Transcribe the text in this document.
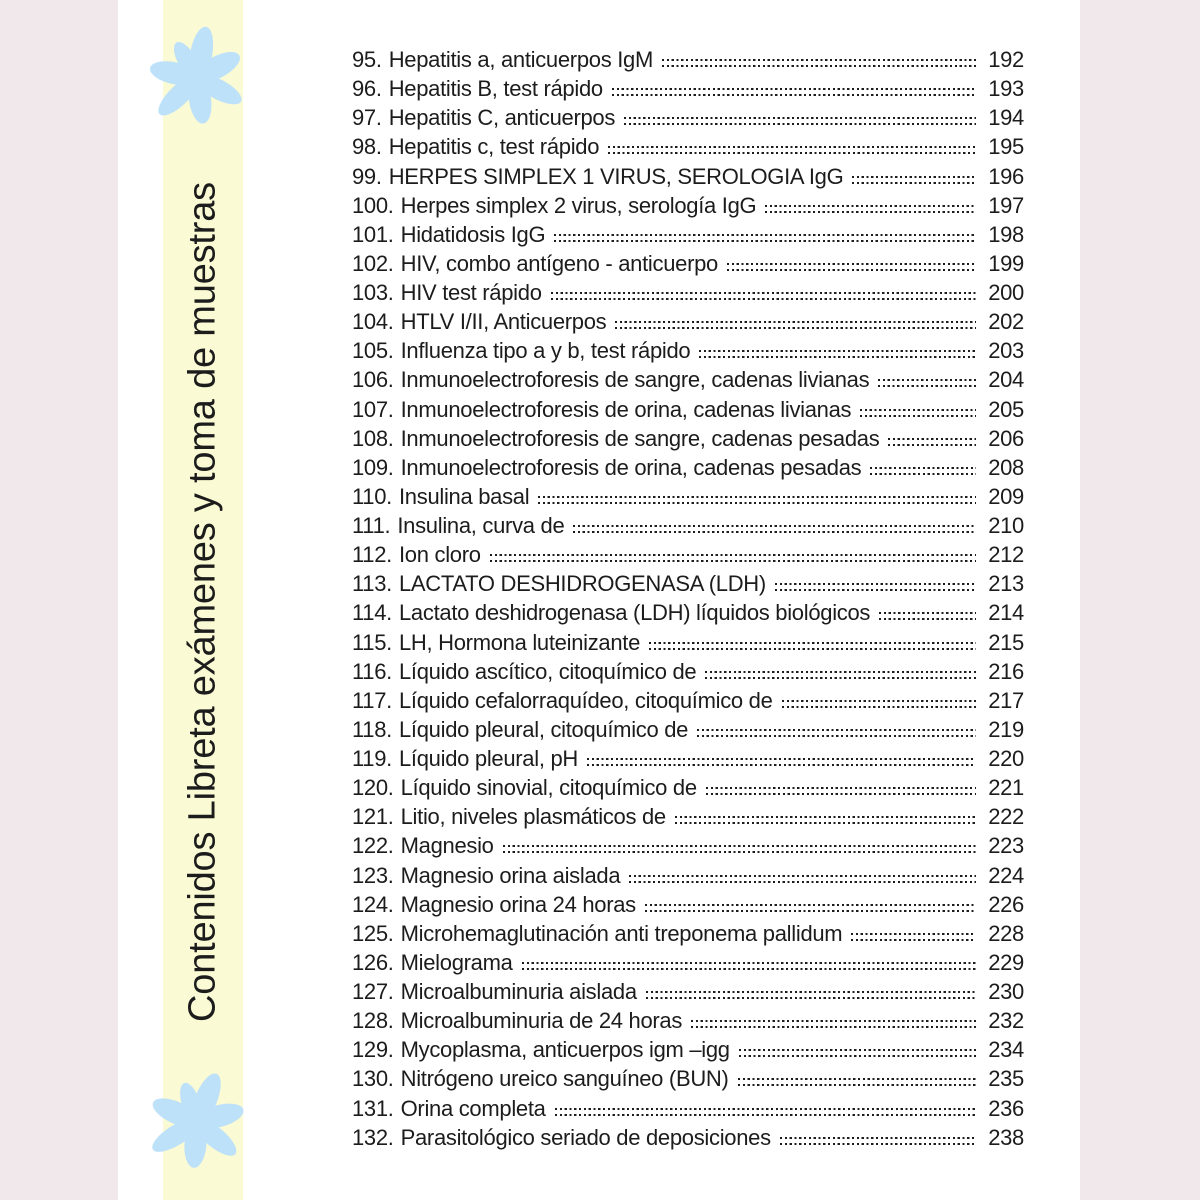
Contenidos Libreta exámenes y toma de muestras
95. Hepatitis a, anticuerpos IgM	192
96. Hepatitis B, test rápido	193
97. Hepatitis C, anticuerpos	194
98. Hepatitis c, test rápido	195
99. HERPES SIMPLEX 1 VIRUS, SEROLOGIA IgG	196
100. Herpes simplex 2 virus, serología IgG	197
101. Hidatidosis IgG	198
102. HIV, combo antígeno - anticuerpo	199
103. HIV test rápido	200
104. HTLV I/II, Anticuerpos	202
105. Influenza tipo a y b, test rápido	203
106. Inmunoelectroforesis de sangre, cadenas livianas	204
107. Inmunoelectroforesis de orina, cadenas livianas	205
108. Inmunoelectroforesis de sangre, cadenas pesadas	206
109. Inmunoelectroforesis de orina, cadenas pesadas	208
110. Insulina basal	209
111. Insulina, curva de	210
112. Ion cloro	212
113. LACTATO DESHIDROGENASA (LDH)	213
114. Lactato deshidrogenasa (LDH) líquidos biológicos	214
115. LH, Hormona luteinizante	215
116. Líquido ascítico, citoquímico de	216
117. Líquido cefalorraquídeo, citoquímico de	217
118. Líquido pleural, citoquímico de	219
119. Líquido pleural, pH	220
120. Líquido sinovial, citoquímico de	221
121. Litio, niveles plasmáticos de	222
122. Magnesio	223
123. Magnesio orina aislada	224
124. Magnesio orina 24 horas	226
125. Microhemaglutinación anti treponema pallidum	228
126. Mielograma	229
127. Microalbuminuria aislada	230
128. Microalbuminuria de 24 horas	232
129. Mycoplasma, anticuerpos igm –igg	234
130. Nitrógeno ureico sanguíneo (BUN)	235
131. Orina completa	236
132. Parasitológico seriado de deposiciones	238
